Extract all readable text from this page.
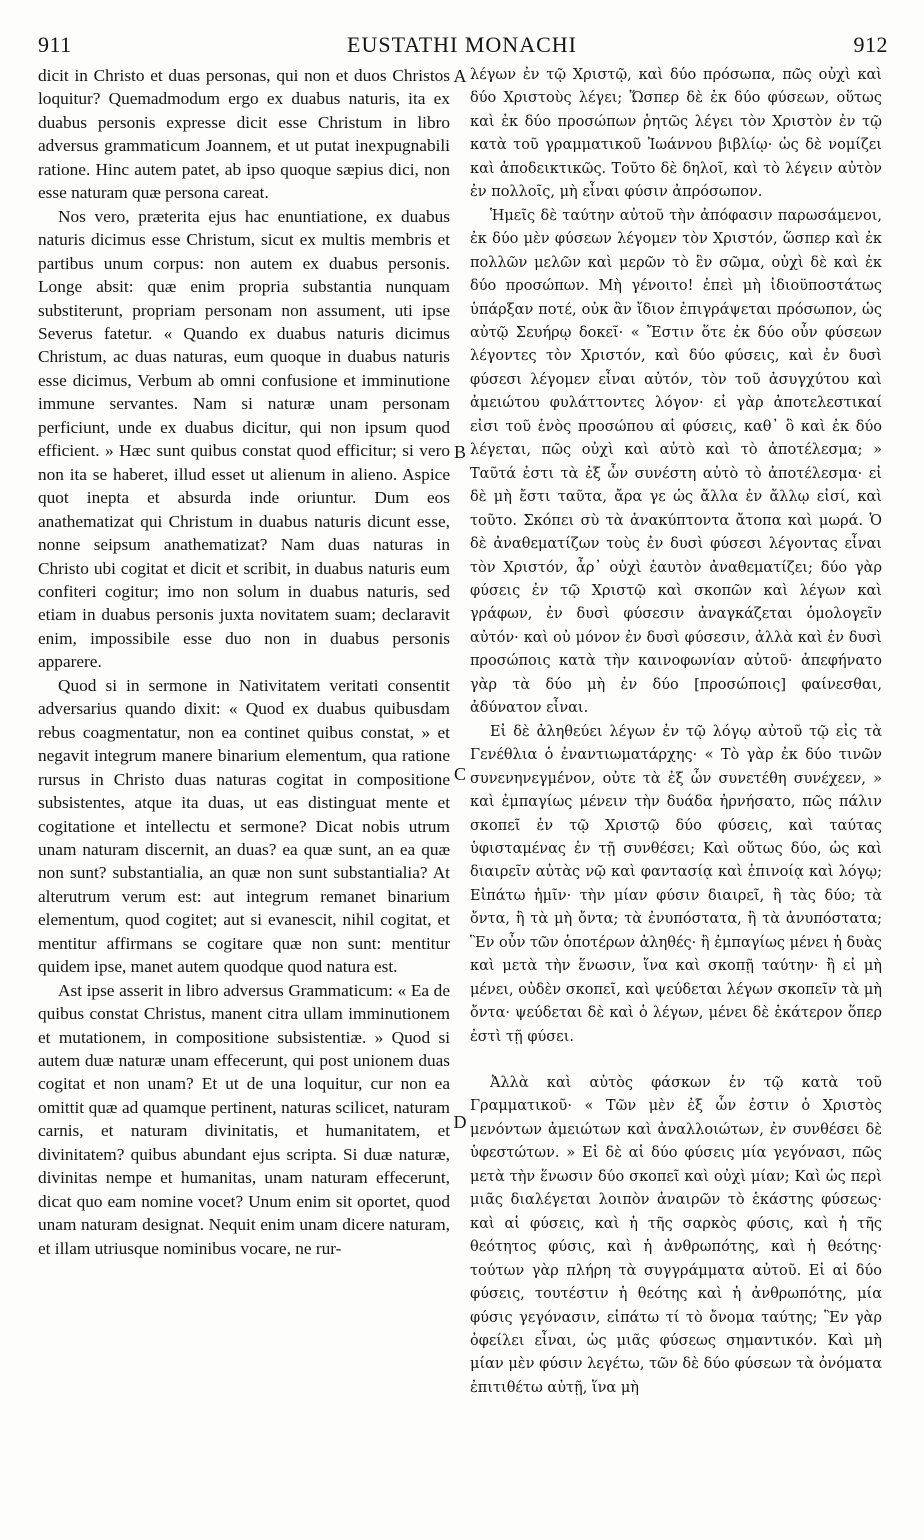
911	EUSTATHI MONACHI	912

dicit in Christo et duas personas, qui non et duos Christos loquitur? Quemadmodum ergo ex duabus naturis, ita ex duabus personis expresse dicit esse Christum in libro adversus grammaticum Joannem, et ut putat inexpugnabili ratione. Hinc autem patet, ab ipso quoque sæpius dici, non esse naturam quæ persona careat.

Nos vero, præterita ejus hac enuntiatione, ex duabus naturis dicimus esse Christum, sicut ex multis membris et partibus unum corpus: non autem ex duabus personis. Longe absit: quæ enim propria substantia nunquam substiterunt, propriam personam non assument, uti ipse Severus fatetur. « Quando ex duabus naturis dicimus Christum, ac duas naturas, eum quoque in duabus naturis esse dicimus, Verbum ab omni confusione et imminutione immune servantes. Nam si naturæ unam personam perficiunt, unde ex duabus dicitur, qui non ipsum quod efficient. » Hæc sunt quibus constat quod efficitur; si vero non ita se haberet, illud esset ut alienum in alieno. Aspice quot inepta et absurda inde oriuntur. Dum eos anathematizat qui Christum in duabus naturis dicunt esse, nonne seipsum anathematizat? Nam duas naturas in Christo ubi cogitat et dicit et scribit, in duabus naturis eum confiteri cogitur; imo non solum in duabus naturis, sed etiam in duabus personis juxta novitatem suam; declaravit enim, impossibile esse duo non in duabus personis apparere.

Quod si in sermone in Nativitatem veritati consentit adversarius quando dixit: « Quod ex duabus quibusdam rebus coagmentatur, non ea continet quibus constat, » et negavit integrum manere binarium elementum, qua ratione rursus in Christo duas naturas cogitat in compositione subsistentes, atque ita duas, ut eas distinguat mente et cogitatione et intellectu et sermone? Dicat nobis utrum unam naturam discernit, an duas? ea quæ sunt, an ea quæ non sunt? substantialia, an quæ non sunt substantialia? At alterutrum verum est: aut integrum remanet binarium elementum, quod cogitet; aut si evanescit, nihil cogitat, et mentitur affirmans se cogitare quæ non sunt: mentitur quidem ipse, manet autem quodque quod natura est.

Ast ipse asserit in libro adversus Grammaticum: « Ea de quibus constat Christus, manent citra ullam imminutionem et mutationem, in compositione subsistentiæ. » Quod si autem duæ naturæ unam effecerunt, qui post unionem duas cogitat et non unam? Et ut de una loquitur, cur non ea omittit quæ ad quamque pertinent, naturas scilicet, naturam carnis, et naturam divinitatis, et humanitatem, et divinitatem? quibus abundant ejus scripta. Si duæ naturæ, divinitas nempe et humanitas, unam naturam effecerunt, dicat quo eam nomine vocet? Unum enim sit oportet, quod unam naturam designat. Nequit enim unam dicere naturam, et illam utriusque nominibus vocare, ne rur-

A
B
C
D

λέγων ἐν τῷ Χριστῷ, καὶ δύο πρόσωπα, πῶς οὐχὶ καὶ δύο Χριστοὺς λέγει; Ὥσπερ δὲ ἐκ δύο φύσεων, οὕτως καὶ ἐκ δύο προσώπων ῥητῶς λέγει τὸν Χριστὸν ἐν τῷ κατὰ τοῦ γραμματικοῦ Ἰωάννου βιβλίῳ· ὡς δὲ νομίζει καὶ ἀποδεικτικῶς. Τοῦτο δὲ δηλοῖ, καὶ τὸ λέγειν αὐτὸν ἐν πολλοῖς, μὴ εἶναι φύσιν ἀπρόσωπον.

Ἡμεῖς δὲ ταύτην αὐτοῦ τὴν ἀπόφασιν παρωσάμενοι, ἐκ δύο μὲν φύσεων λέγομεν τὸν Χριστόν, ὥσπερ καὶ ἐκ πολλῶν μελῶν καὶ μερῶν τὸ ἓν σῶμα, οὐχὶ δὲ καὶ ἐκ δύο προσώπων. Μὴ γένοιτο! ἐπεὶ μὴ ἰδιοϋποστάτως ὑπάρξαν ποτέ, οὐκ ἂν ἴδιον ἐπιγράψεται πρόσωπον, ὡς αὐτῷ Σευήρῳ δοκεῖ· « Ἔστιν ὅτε ἐκ δύο οὖν φύσεων λέγοντες τὸν Χριστόν, καὶ δύο φύσεις, καὶ ἐν δυσὶ φύσεσι λέγομεν εἶναι αὐτόν, τὸν τοῦ ἀσυγχύτου καὶ ἀμειώτου φυλάττοντες λόγον· εἰ γὰρ ἀποτελεστικαί εἰσι τοῦ ἑνὸς προσώπου αἱ φύσεις, καθ᾽ ὃ καὶ ἐκ δύο λέγεται, πῶς οὐχὶ καὶ αὐτὸ καὶ τὸ ἀποτέλεσμα; » Ταῦτά ἐστι τὰ ἐξ ὧν συνέστη αὐτὸ τὸ ἀποτέλεσμα· εἰ δὲ μὴ ἔστι ταῦτα, ἄρα γε ὡς ἄλλα ἐν ἄλλῳ εἰσί, καὶ τοῦτο. Σκόπει σὺ τὰ ἀνακύπτοντα ἄτοπα καὶ μωρά. Ὁ δὲ ἀναθεματίζων τοὺς ἐν δυσὶ φύσεσι λέγοντας εἶναι τὸν Χριστόν, ἆρ᾽ οὐχὶ ἑαυτὸν ἀναθεματίζει; δύο γὰρ φύσεις ἐν τῷ Χριστῷ καὶ σκοπῶν καὶ λέγων καὶ γράφων, ἐν δυσὶ φύσεσιν ἀναγκάζεται ὁμολογεῖν αὐτόν· καὶ οὐ μόνον ἐν δυσὶ φύσεσιν, ἀλλὰ καὶ ἐν δυσὶ προσώποις κατὰ τὴν καινοφωνίαν αὐτοῦ· ἀπεφήνατο γὰρ τὰ δύο μὴ ἐν δύο [προσώποις] φαίνεσθαι, ἀδύνατον εἶναι.

Εἰ δὲ ἀληθεύει λέγων ἐν τῷ λόγῳ αὐτοῦ τῷ εἰς τὰ Γενέθλια ὁ ἐναντιωματάρχης· « Τὸ γὰρ ἐκ δύο τινῶν συνενηνεγμένον, οὐτε τὰ ἐξ ὧν συνετέθη συνέχεεν, » καὶ ἐμπαγίως μένειν τὴν δυάδα ἠρνήσατο, πῶς πάλιν σκοπεῖ ἐν τῷ Χριστῷ δύο φύσεις, καὶ ταύτας ὑφισταμένας ἐν τῇ συνθέσει; Καὶ οὕτως δύο, ὡς καὶ διαιρεῖν αὐτὰς νῷ καὶ φαντασίᾳ καὶ ἐπινοίᾳ καὶ λόγῳ; Εἰπάτω ἡμῖν· τὴν μίαν φύσιν διαιρεῖ, ἢ τὰς δύο; τὰ ὄντα, ἢ τὰ μὴ ὄντα; τὰ ἐνυπόστατα, ἢ τὰ ἀνυπόστατα; Ἓν οὖν τῶν ὁποτέρων ἀληθές· ἢ ἐμπαγίως μένει ἡ δυὰς καὶ μετὰ τὴν ἕνωσιν, ἵνα καὶ σκοπῇ ταύτην· ἢ εἰ μὴ μένει, οὐδὲν σκοπεῖ, καὶ ψεύδεται λέγων σκοπεῖν τὰ μὴ ὄντα· ψεύδεται δὲ καὶ ὁ λέγων, μένει δὲ ἑκάτερον ὅπερ ἐστὶ τῇ φύσει.

Ἀλλὰ καὶ αὐτὸς φάσκων ἐν τῷ κατὰ τοῦ Γραμματικοῦ· « Τῶν μὲν ἐξ ὧν ἐστιν ὁ Χριστὸς μενόντων ἀμειώτων καὶ ἀναλλοιώτων, ἐν συνθέσει δὲ ὑφεστώτων. » Εἰ δὲ αἱ δύο φύσεις μία γεγόνασι, πῶς μετὰ τὴν ἕνωσιν δύο σκοπεῖ καὶ οὐχὶ μίαν; Καὶ ὡς περὶ μιᾶς διαλέγεται λοιπὸν ἀναιρῶν τὸ ἑκάστης φύσεως· καὶ αἱ φύσεις, καὶ ἡ τῆς σαρκὸς φύσις, καὶ ἡ τῆς θεότητος φύσις, καὶ ἡ ἀνθρωπότης, καὶ ἡ θεότης· τούτων γὰρ πλήρη τὰ συγγράμματα αὐτοῦ. Εἰ αἱ δύο φύσεις, τουτέστιν ἡ θεότης καὶ ἡ ἀνθρωπότης, μία φύσις γεγόνασιν, εἰπάτω τί τὸ ὄνομα ταύτης; Ἓν γὰρ ὀφείλει εἶναι, ὡς μιᾶς φύσεως σημαντικόν. Καὶ μὴ μίαν μὲν φύσιν λεγέτω, τῶν δὲ δύο φύσεων τὰ ὀνόματα ἐπιτιθέτω αὐτῇ, ἵνα μὴ
